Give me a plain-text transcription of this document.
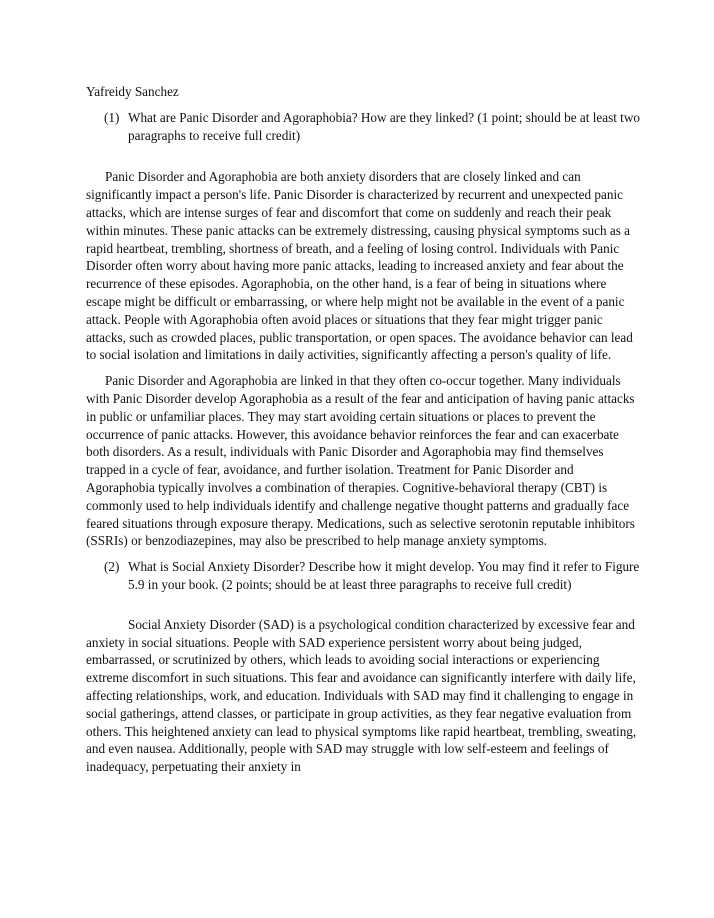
Yafreidy Sanchez
(1) What are Panic Disorder and Agoraphobia? How are they linked? (1 point; should be at least two paragraphs to receive full credit)

Panic Disorder and Agoraphobia are both anxiety disorders that are closely linked and can significantly impact a person's life. Panic Disorder is characterized by recurrent and unexpected panic attacks, which are intense surges of fear and discomfort that come on suddenly and reach their peak within minutes. These panic attacks can be extremely distressing, causing physical symptoms such as a rapid heartbeat, trembling, shortness of breath, and a feeling of losing control. Individuals with Panic Disorder often worry about having more panic attacks, leading to increased anxiety and fear about the recurrence of these episodes. Agoraphobia, on the other hand, is a fear of being in situations where escape might be difficult or embarrassing, or where help might not be available in the event of a panic attack. People with Agoraphobia often avoid places or situations that they fear might trigger panic attacks, such as crowded places, public transportation, or open spaces. The avoidance behavior can lead to social isolation and limitations in daily activities, significantly affecting a person's quality of life.

Panic Disorder and Agoraphobia are linked in that they often co-occur together. Many individuals with Panic Disorder develop Agoraphobia as a result of the fear and anticipation of having panic attacks in public or unfamiliar places. They may start avoiding certain situations or places to prevent the occurrence of panic attacks. However, this avoidance behavior reinforces the fear and can exacerbate both disorders. As a result, individuals with Panic Disorder and Agoraphobia may find themselves trapped in a cycle of fear, avoidance, and further isolation. Treatment for Panic Disorder and Agoraphobia typically involves a combination of therapies. Cognitive-behavioral therapy (CBT) is commonly used to help individuals identify and challenge negative thought patterns and gradually face feared situations through exposure therapy. Medications, such as selective serotonin reputable inhibitors (SSRIs) or benzodiazepines, may also be prescribed to help manage anxiety symptoms.

(2) What is Social Anxiety Disorder? Describe how it might develop. You may find it refer to Figure 5.9 in your book. (2 points; should be at least three paragraphs to receive full credit)

Social Anxiety Disorder (SAD) is a psychological condition characterized by excessive fear and anxiety in social situations. People with SAD experience persistent worry about being judged, embarrassed, or scrutinized by others, which leads to avoiding social interactions or experiencing extreme discomfort in such situations. This fear and avoidance can significantly interfere with daily life, affecting relationships, work, and education. Individuals with SAD may find it challenging to engage in social gatherings, attend classes, or participate in group activities, as they fear negative evaluation from others. This heightened anxiety can lead to physical symptoms like rapid heartbeat, trembling, sweating, and even nausea. Additionally, people with SAD may struggle with low self-esteem and feelings of inadequacy, perpetuating their anxiety in
